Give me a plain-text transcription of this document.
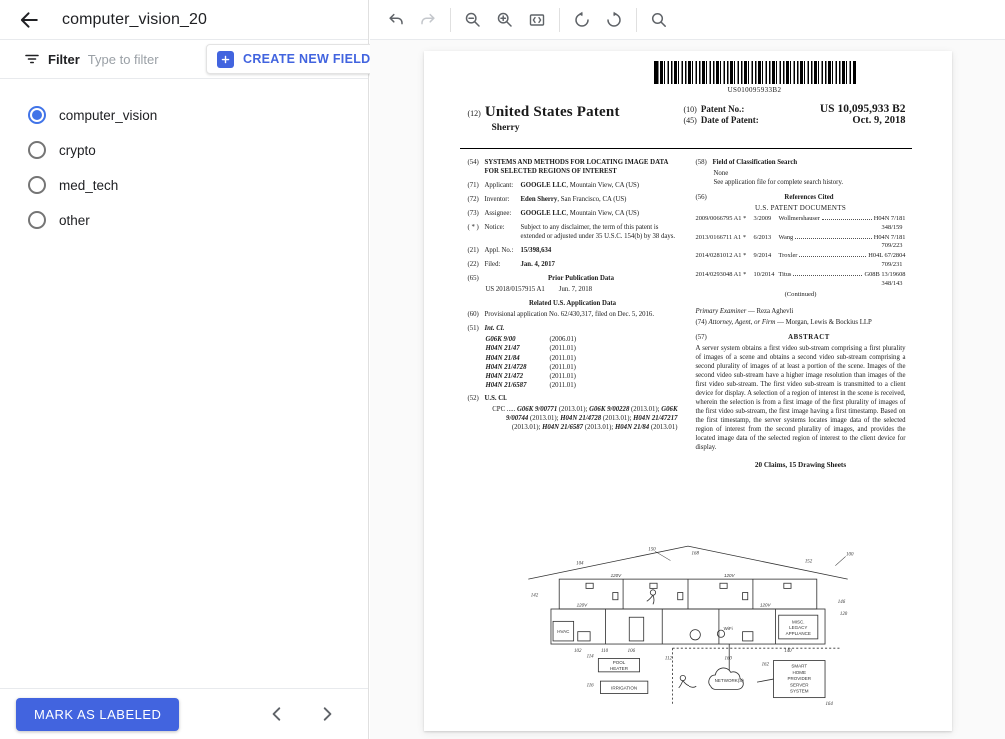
computer_vision_20
Filter
Type to filter	CREATE NEW FIELD
computer_vision
crypto
med_tech
other
MARK AS LABELED
US010095933B2
(12) United States Patent
Sherry
(10) Patent No.:	US 10,095,933 B2
(45) Date of Patent:	Oct. 9, 2018
(54) SYSTEMS AND METHODS FOR LOCATING IMAGE DATA FOR SELECTED REGIONS OF INTEREST
(71) Applicant:	GOOGLE LLC, Mountain View, CA (US)
(72) Inventor:	Eden Sherry, San Francisco, CA (US)
(73) Assignee:	GOOGLE LLC, Mountain View, CA (US)
( * ) Notice:	Subject to any disclaimer, the term of this patent is extended or adjusted under 35 U.S.C. 154(b) by 38 days.
(21) Appl. No.:	15/398,634
(22) Filed:	Jan. 4, 2017
(65)	Prior Publication Data
US 2018/0157915 A1 Jun. 7, 2018
Related U.S. Application Data
(60) Provisional application No. 62/430,317, filed on Dec. 5, 2016.
(51) Int. Cl.
G06K 9/00	(2006.01)
H04N 21/47	(2011.01)
H04N 21/84	(2011.01)
H04N 21/4728	(2011.01)
H04N 21/472	(2011.01)
H04N 21/6587	(2011.01)
(52) U.S. Cl.
CPC ..... G06K 9/00771 (2013.01); G06K 9/00228 (2013.01); G06K 9/00744 (2013.01); H04N 21/4728 (2013.01); H04N 21/47217 (2013.01); H04N 21/6587 (2013.01); H04N 21/84 (2013.01)
(58) Field of Classification Search
None
See application file for complete search history.
(56)	References Cited
U.S. PATENT DOCUMENTS
2009/0066795 A1 *	3/2009	Wollmershauser	H04N 7/181
348/159
2013/0166711 A1 *	6/2013	Wang	H04N 7/181
709/223
2014/0281012 A1 *	9/2014	Troxler	H04L 67/2804
709/231
2014/0293048 A1 *	10/2014 Titus	G08B 13/19608
348/143
(Continued)
Primary Examiner — Reza Aghevli
(74) Attorney, Agent, or Firm — Morgan, Lewis & Bockius LLP
(57)	ABSTRACT
A server system obtains a first video sub-stream comprising a first plurality of images of a scene and obtains a second video sub-stream comprising a second plurality of images of at least a portion of the scene. Images of the second video sub-stream have a higher image resolution than images of the first video sub-stream. The first video sub-stream is transmitted to a client device for display. A selection of a region of interest in the scene is received, wherein the selection is from a first image of the first plurality of images of the first video sub-stream, the first image having a first timestamp. Based on the first timestamp, the server systems locates image data of the selected region of interest from the second plurality of images, and provides the located image data of the selected region of interest to the client device for display.
20 Claims, 15 Drawing Sheets
120V	120V
120V	120V
HVAC
WiFi
MISC.
LEGACY
APPLIANCE
POOL
HEATER
IRRIGATION
NETWORK(S)
SMART
HOME
PROVIDER
SERVER
SYSTEM
100
150
168
104	152
142
146
102	110	106
112	160
140
162
164
120
114
116
